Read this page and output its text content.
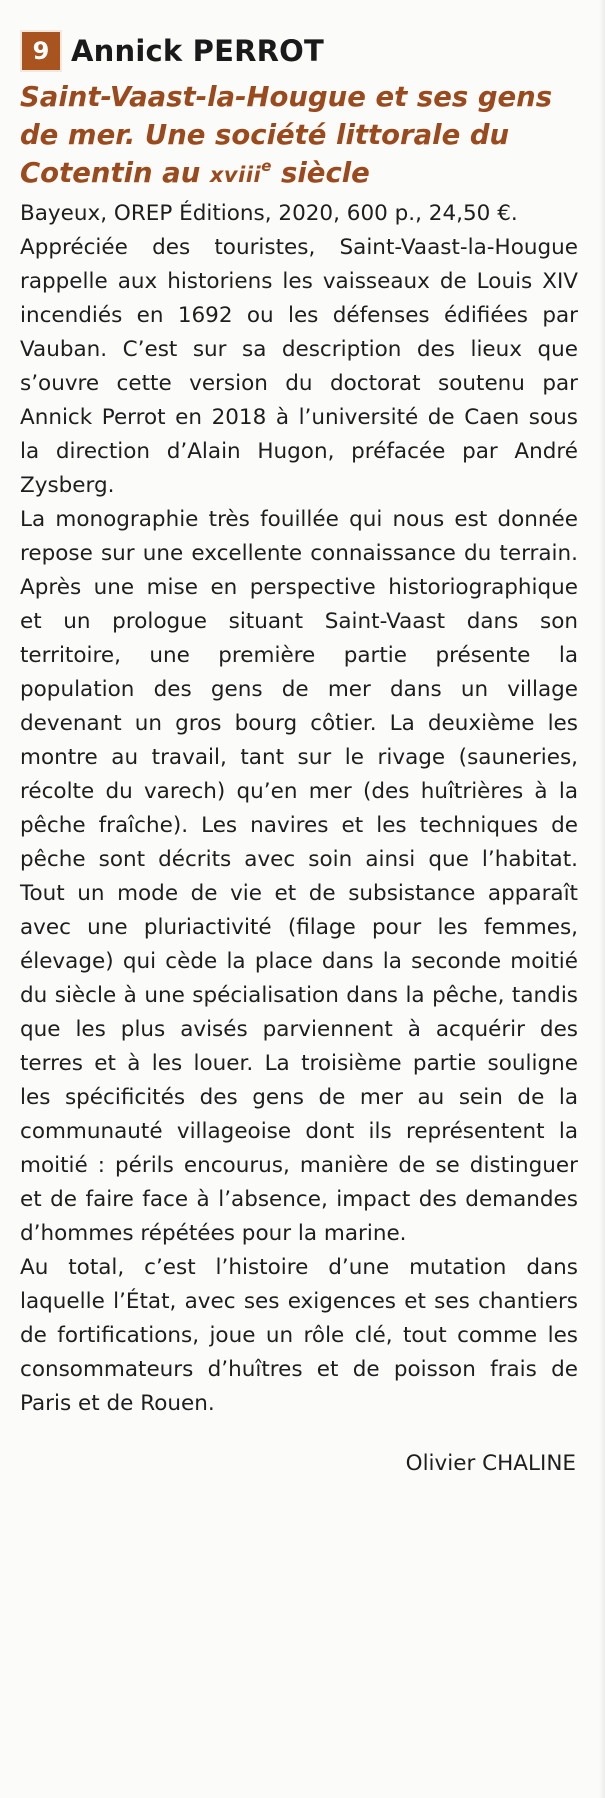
9 Annick PERROT
Saint-Vaast-la-Hougue et ses gens de mer. Une société littorale du Cotentin au xviii$^e$ siècle
Bayeux, OREP Éditions, 2020, 600 p., 24,50 €.

Appréciée des touristes, Saint-Vaast-la-Hougue rappelle aux historiens les vaisseaux de Louis XIV incendiés en 1692 ou les défenses édifiées par Vauban. C’est sur sa description des lieux que s’ouvre cette version du doctorat soutenu par Annick Perrot en 2018 à l’université de Caen sous la direction d’Alain Hugon, préfacée par André Zysberg.

La monographie très fouillée qui nous est donnée repose sur une excellente connaissance du terrain. Après une mise en perspective historiographique et un prologue situant Saint-Vaast dans son territoire, une première partie présente la population des gens de mer dans un village devenant un gros bourg côtier. La deuxième les montre au travail, tant sur le rivage (sauneries, récolte du varech) qu’en mer (des huîtrières à la pêche fraîche). Les navires et les techniques de pêche sont décrits avec soin ainsi que l’habitat. Tout un mode de vie et de subsistance apparaît avec une pluriactivité (filage pour les femmes, élevage) qui cède la place dans la seconde moitié du siècle à une spécialisation dans la pêche, tandis que les plus avisés parviennent à acquérir des terres et à les louer. La troisième partie souligne les spécificités des gens de mer au sein de la communauté villageoise dont ils représentent la moitié : périls encourus, manière de se distinguer et de faire face à l’absence, impact des demandes d’hommes répétées pour la marine.

Au total, c’est l’histoire d’une mutation dans laquelle l’État, avec ses exigences et ses chantiers de fortifications, joue un rôle clé, tout comme les consommateurs d’huîtres et de poisson frais de Paris et de Rouen.

Olivier CHALINE
